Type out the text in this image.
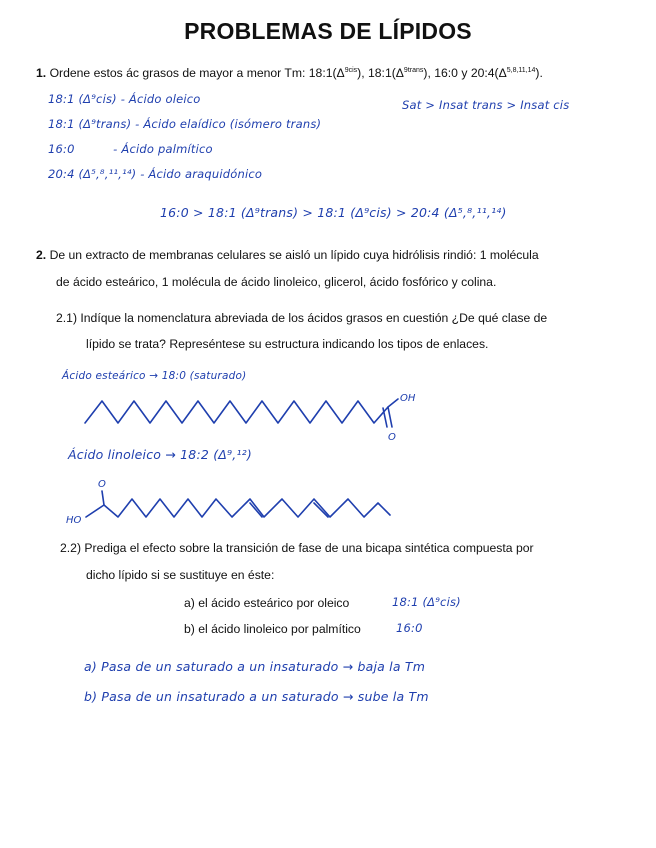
PROBLEMAS DE LÍPIDOS
1. Ordene estos ác grasos de mayor a menor Tm: $18:1(\Delta^{9cis})$, $18:1(\Delta^{9trans})$, 16:0 y $20:4(\Delta^{5,8,11,14})$.
18:1 (Δ⁹cis) - Ácido oleico
18:1 (Δ⁹trans) - Ácido elaídico (isómero trans)
16:0          - Ácido palmítico
20:4 (Δ⁵,⁸,¹¹,¹⁴) - Ácido araquidónico
Sat > Insat trans > Insat cis
16:0 > 18:1 (Δ⁹trans) > 18:1 (Δ⁹cis) > 20:4 (Δ⁵,⁸,¹¹,¹⁴)
2. De un extracto de membranas celulares se aisló un lípido cuya hidrólisis rindió: 1 molécula
de ácido esteárico, 1 molécula de ácido linoleico, glicerol, ácido fosfórico y colina.
2.1) Indíque la nomenclatura abreviada de los ácidos grasos en cuestión ¿De qué clase de
lípido se trata? Represéntese su estructura indicando los tipos de enlaces.
Ácido esteárico → 18:0 (saturado)
OH
O
Ácido linoleico → 18:2 (Δ⁹,¹²)
O
HO
2.2) Prediga el efecto sobre la transición de fase de una bicapa sintética compuesta por
dicho lípido si se sustituye en éste:
a) el ácido esteárico por oleico
b) el ácido linoleico por palmítico
18:1 (Δ⁹cis)
16:0
a) Pasa de un saturado a un insaturado → baja la Tm
b) Pasa de un insaturado a un saturado → sube la Tm
